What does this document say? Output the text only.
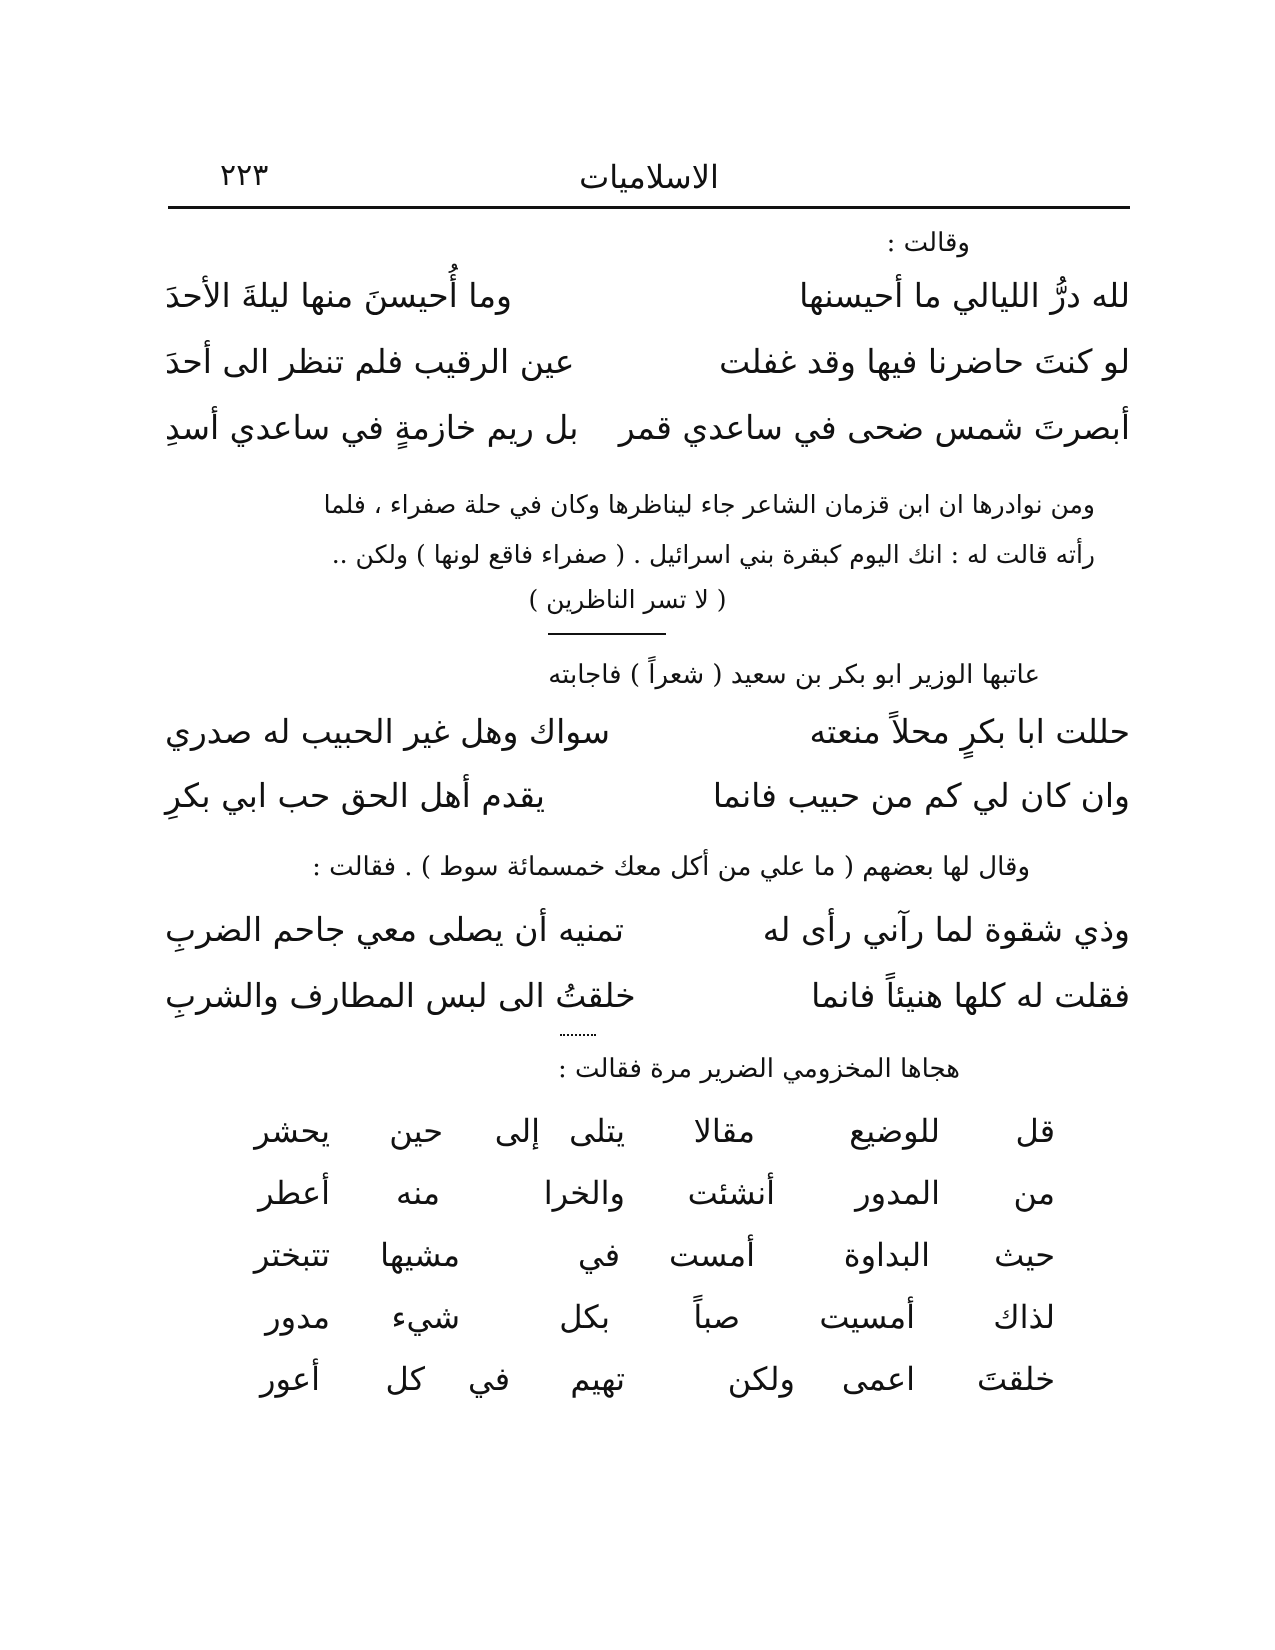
٢٢٣	الاسلاميات
وقالت :
لله درُّ الليالي ما أحيسنها
وما أُحيسنَ منها ليلةَ الأحدَ
لو كنتَ حاضرنا فيها وقد غفلت
عين الرقيب فلم تنظر الى أحدَ
أبصرتَ شمس ضحى في ساعدي قمر
بل ريم خازمةٍ في ساعدي أسدِ
ومن نوادرها ان ابن قزمان الشاعر جاء ليناظرها وكان في حلة صفراء ، فلما
رأته قالت له : انك اليوم كبقرة بني اسرائيل . ( صفراء فاقع لونها ) ولكن ..
( لا تسر الناظرين )
عاتبها الوزير ابو بكر بن سعيد ( شعراً ) فاجابته
حللت ابا بكرٍ محلاً منعته
سواك وهل غير الحبيب له صدري
وان كان لي كم من حبيب فانما
يقدم أهل الحق حب ابي بكرِ
وقال لها بعضهم ( ما علي من أكل معك خمسمائة سوط ) . فقالت :
وذي شقوة لما رآني رأى له
تمنيه أن يصلى معي جاحم الضربِ
فقلت له كلها هنيئاً فانما
خلقتُ الى لبس المطارف والشربِ
هجاها المخزومي الضرير مرة فقالت :
قل
للوضيع
مقالا
يتلى
إلى
حين
يحشر
من
المدور
أنشئت
والخرا
منه
أعطر
حيث
البداوة
أمست
في
مشيها
تتبختر
لذاك
أمسيت
صباً
بكل
شيء
مدور
خلقتَ
اعمى
ولكن
تهيم
في
كل
أعور
